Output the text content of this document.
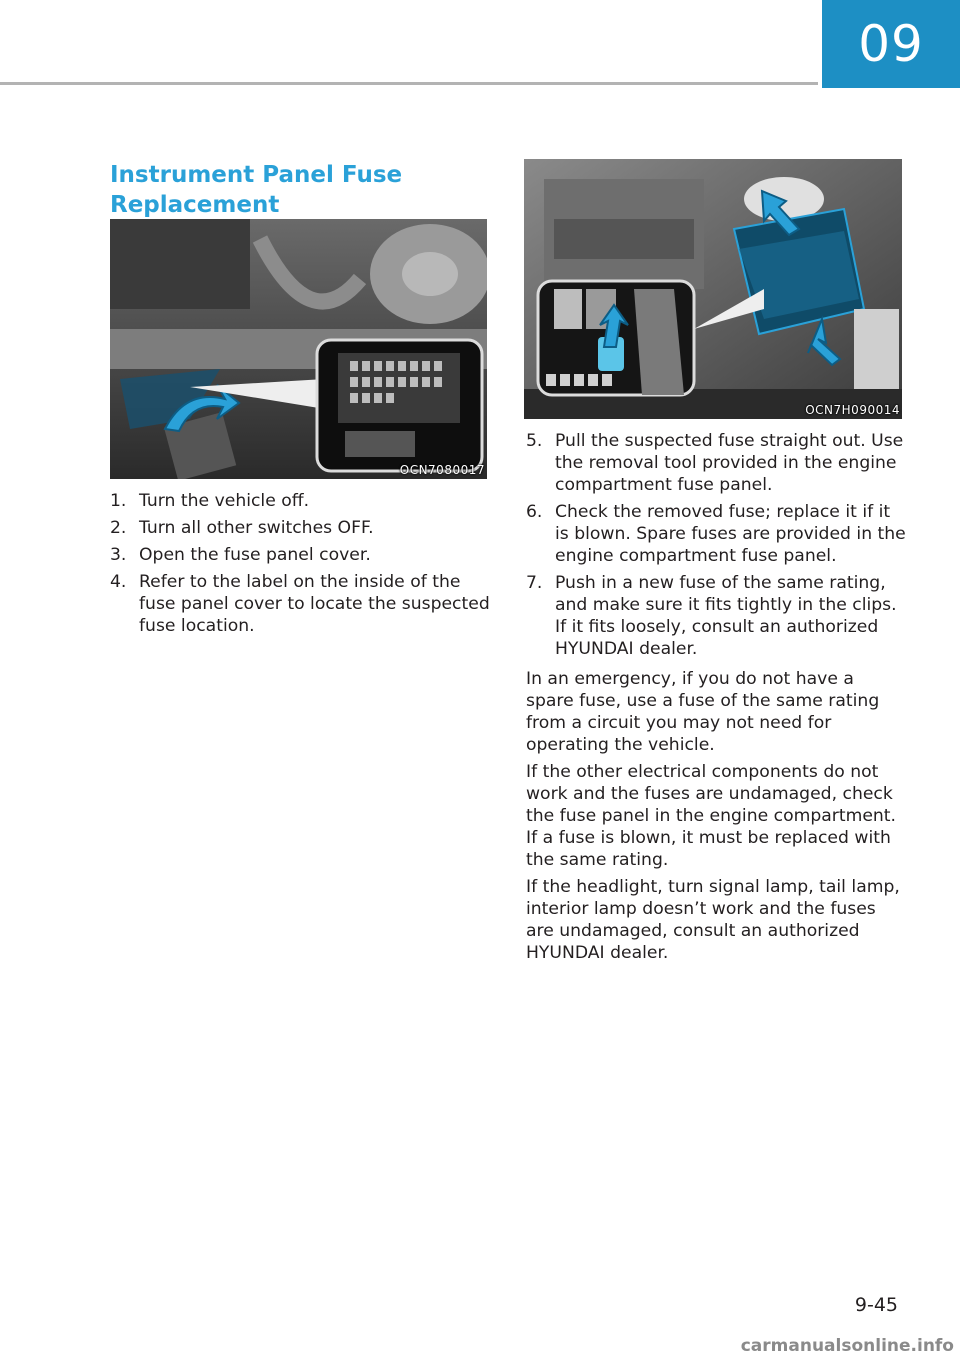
09
Instrument Panel Fuse Replacement
OCN7080017
OCN7H090014
1. Turn the vehicle off.
2. Turn all other switches OFF.
3. Open the fuse panel cover.
4. Refer to the label on the inside of the fuse panel cover to locate the suspected fuse location.
5. Pull the suspected fuse straight out. Use the removal tool provided in the engine compartment fuse panel.
6. Check the removed fuse; replace it if it is blown. Spare fuses are provided in the engine compartment fuse panel.
7. Push in a new fuse of the same rating, and make sure it fits tightly in the clips. If it fits loosely, consult an authorized HYUNDAI dealer.

In an emergency, if you do not have a spare fuse, use a fuse of the same rating from a circuit you may not need for operating the vehicle.

If the other electrical components do not work and the fuses are undamaged, check the fuse panel in the engine compartment. If a fuse is blown, it must be replaced with the same rating.

If the headlight, turn signal lamp, tail lamp, interior lamp doesn’t work and the fuses are undamaged, consult an authorized HYUNDAI dealer.

9-45
carmanualsonline.info
